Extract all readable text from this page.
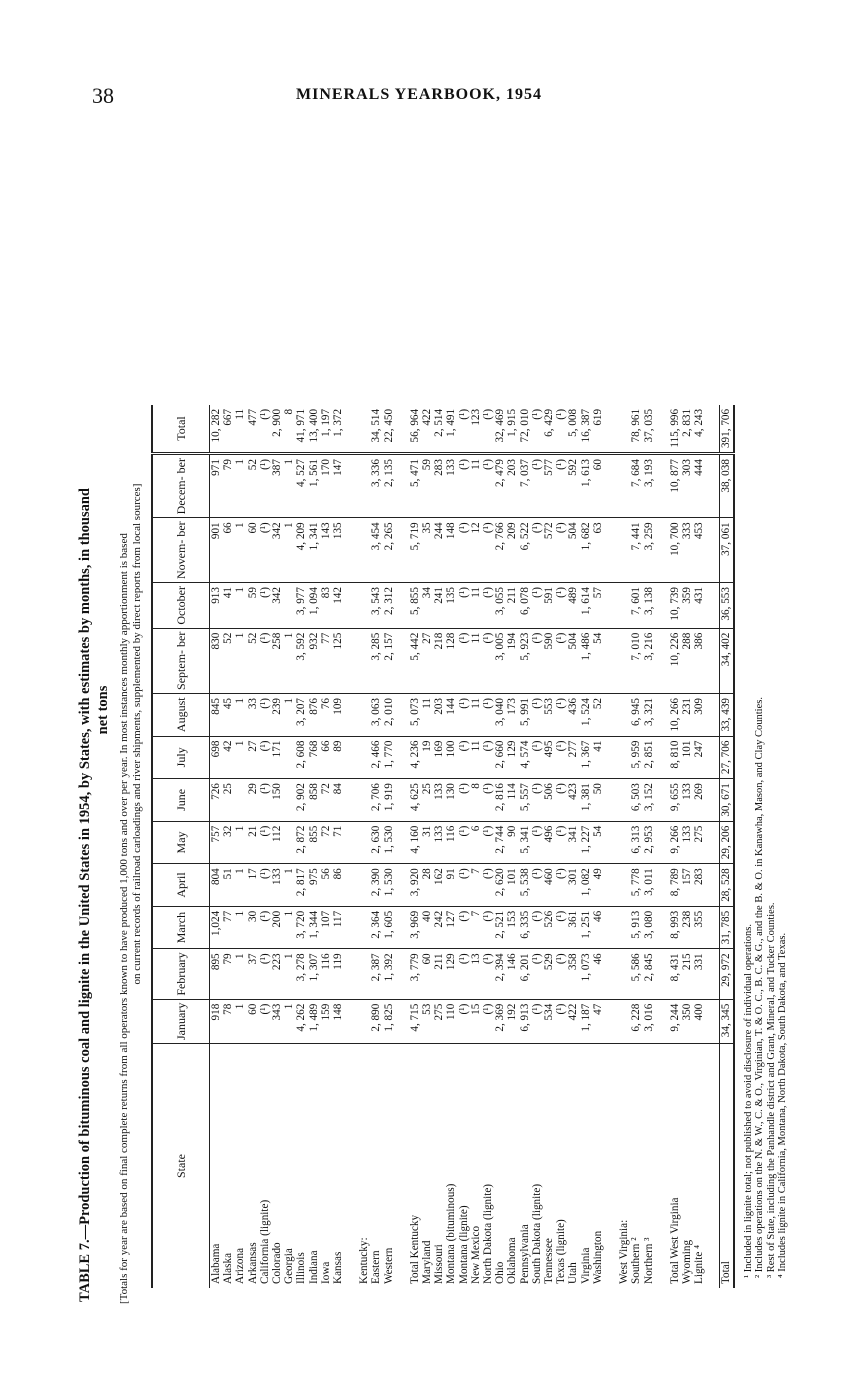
38	MINERALS YEARBOOK, 1954
TABLE 7.—Production of bituminous coal and lignite in the United States in 1954, by States, with estimates by months, in thousand net tons [Totals for year are based on final complete returns from all operators known to have produced 1,000 tons and over per year. In most instances monthly apportionment is based on current records of railroad carloadings and river shipments, supplemented by direct reports from local sources]
State	January	February	March	April	May	June	July	August	Septem- ber	October	Novem- ber	Decem- ber	Total
Alabama	918	895	1,024	804	757	726	698	845	830	913	901	971	10, 282
Alaska	78	79	77	51	32	25	42	45	52	41	66	79	667
Arizona	1	1	1	1	1		1	1	1	1	1	1	11
Arkansas	60	37	30	17	21	29	27	33	52	59	60	52	477
California (lignite)	(¹)	(¹)	(¹)	(¹)	(¹)	(¹)	(¹)	(¹)	(¹)	(¹)	(¹)	(¹)	(¹)
Colorado	343	223	200	133	112	150	171	239	258	342	342	387	2, 900
Georgia	1	1	1	1				1	1		1	1	8
Illinois	4, 262	3, 278	3, 720	2, 817	2, 872	2, 902	2, 608	3, 207	3, 592	3, 977	4, 209	4, 527	41, 971
Indiana	1, 489	1, 307	1, 344	975	855	858	768	876	932	1, 094	1, 341	1, 561	13, 400
Iowa	159	116	107	56	72	72	66	76	77	83	143	170	1, 197
Kansas	148	119	117	86	71	84	89	109	125	142	135	147	1, 372

Kentucky:													
Eastern	2, 890	2, 387	2, 364	2, 390	2, 630	2, 706	2, 466	3, 063	3, 285	3, 543	3, 454	3, 336	34, 514
Western	1, 825	1, 392	1, 605	1, 530	1, 530	1, 919	1, 770	2, 010	2, 157	2, 312	2, 265	2, 135	22, 450

Total Kentucky	4, 715	3, 779	3, 969	3, 920	4, 160	4, 625	4, 236	5, 073	5, 442	5, 855	5, 719	5, 471	56, 964
Maryland	53	60	40	28	31	25	19	11	27	34	35	59	422
Missouri	275	211	242	162	133	133	169	203	218	241	244	283	2, 514
Montana (bituminous)	110	129	127	91	116	130	100	144	128	135	148	133	1, 491
Montana (lignite)	(¹)	(¹)	(¹)	(¹)	(¹)	(¹)	(¹)	(¹)	(¹)	(¹)	(¹)	(¹)	(¹)
New Mexico	15	13	7	7	6	8	11	11	11	11	12	11	123
North Dakota (lignite)	(¹)	(¹)	(¹)	(¹)	(¹)	(¹)	(¹)	(¹)	(¹)	(¹)	(¹)	(¹)	(¹)
Ohio	2, 369	2, 394	2, 521	2, 620	2, 744	2, 816	2, 660	3, 040	3, 005	3, 055	2, 766	2, 479	32, 469
Oklahoma	192	146	153	101	90	114	129	173	194	211	209	203	1, 915
Pennsylvania	6, 913	6, 201	6, 335	5, 538	5, 341	5, 557	4, 574	5, 991	5, 923	6, 078	6, 522	7, 037	72, 010
South Dakota (lignite)	(¹)	(¹)	(¹)	(¹)	(¹)	(¹)	(¹)	(¹)	(¹)	(¹)	(¹)	(¹)	(¹)
Tennessee	534	529	526	460	496	506	495	553	590	591	572	577	6, 429
Texas (lignite)	(¹)	(¹)	(¹)	(¹)	(¹)	(¹)	(¹)	(¹)	(¹)	(¹)	(¹)	(¹)	(¹)
Utah	422	358	361	301	341	423	277	436	504	489	504	592	5, 008
Virginia	1, 187	1, 073	1, 251	1, 082	1, 227	1, 381	1, 367	1, 524	1, 486	1, 614	1, 682	1, 613	16, 387
Washington	47	46	46	49	54	50	41	52	54	57	63	60	619

West Virginia:													
Southern ²	6, 228	5, 586	5, 913	5, 778	6, 313	6, 503	5, 959	6, 945	7, 010	7, 601	7, 441	7, 684	78, 961
Northern ³	3, 016	2, 845	3, 080	3, 011	2, 953	3, 152	2, 851	3, 321	3, 216	3, 138	3, 259	3, 193	37, 035

Total West Virginia	9, 244	8, 431	8, 993	8, 789	9, 266	9, 655	8, 810	10, 266	10, 226	10, 739	10, 700	10, 877	115, 996
Wyoming	350	215	238	157	133	133	101	231	288	359	333	303	2, 831
Lignite ⁴	400	331	355	283	275	269	247	309	386	431	453	444	4, 243

Total	34, 345	29, 972	31, 785	28, 528	29, 206	30, 671	27, 706	33, 439	34, 402	36, 553	37, 061	38, 038	391, 706
¹ Included in lignite total; not published to avoid disclosure of individual operations. ² Includes operations on the N. & W., C. & O., Virginian, T. & O. C., B. C. & G., and the B. & O. in Kanawha, Mason, and Clay Counties. ³ Rest of State, including the Panhandle district and Grant, Mineral, and Tucker Counties. ⁴ Includes lignite in California, Montana, North Dakota, South Dakota, and Texas.
